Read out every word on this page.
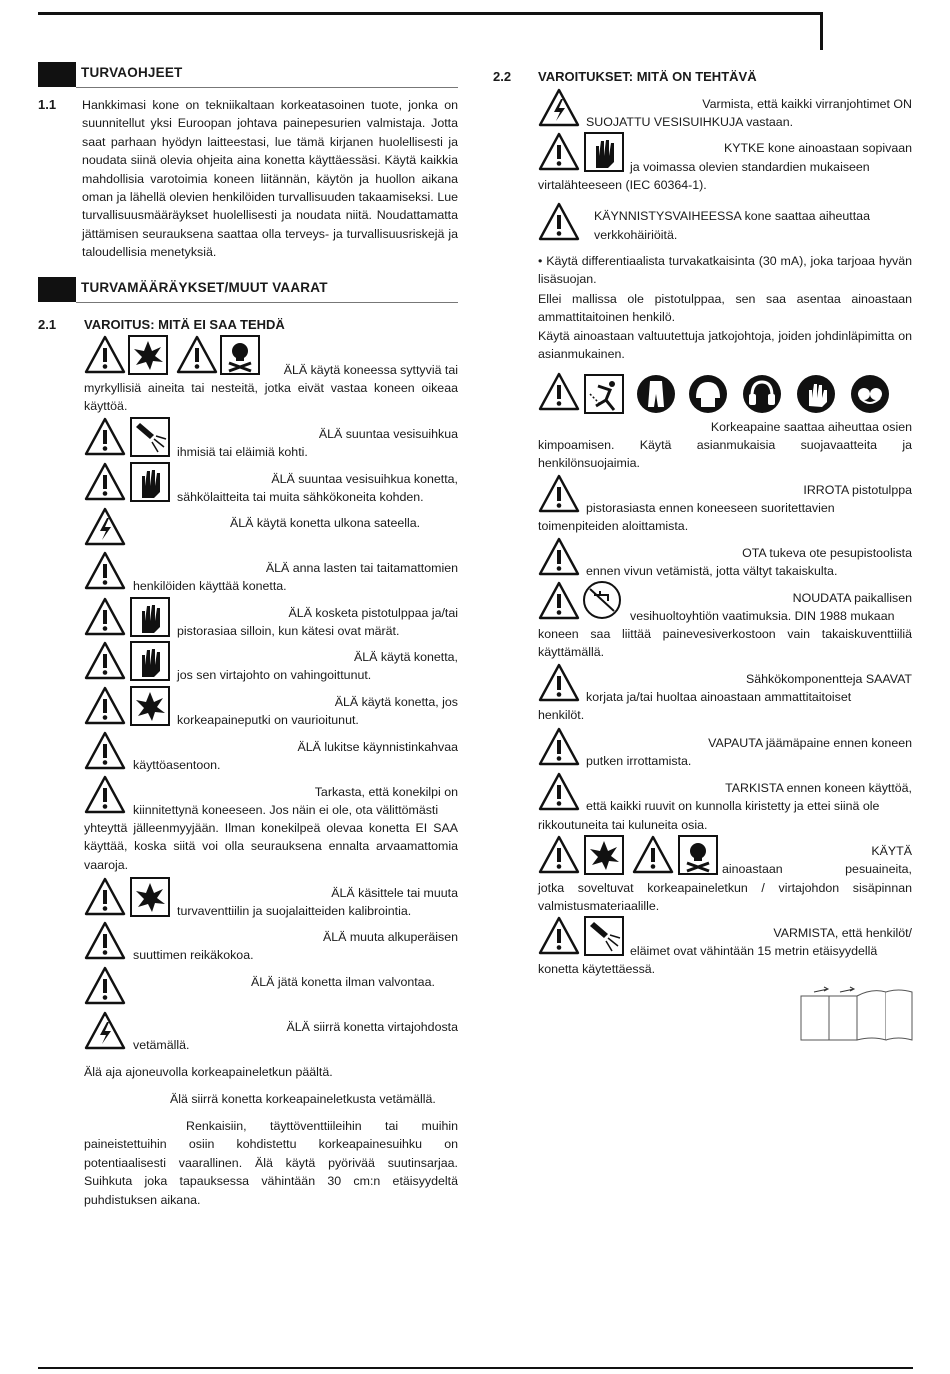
TURVAOHJEET
1.1 Hankkimasi kone on tekniikaltaan korkeatasoinen tuote, jonka on suunnitellut yksi Euroopan johtava painepesurien valmistaja. Jotta saat parhaan hyödyn laitteestasi, lue tämä kirjanen huolellisesti ja noudata siinä olevia ohjeita aina konetta käyttäessäsi. Käytä kaikkia mahdollisia varotoimia koneen liitännän, käytön ja huollon aikana oman ja lähellä olevien henkilöiden turvallisuuden takaamiseksi. Lue turvallisuusmääräykset huolellisesti ja noudata niitä. Noudattamatta jättämisen seurauksena saattaa olla terveys- ja turvallisuusriskejä ja taloudellisia menetyksiä.

TURVAMÄÄRÄYKSET/MUUT VAARAT
2.1 VAROITUS: MITÄ EI SAA TEHDÄ

ÄLÄ käytä koneessa syttyviä tai

myrkyllisiä aineita tai nesteitä, jotka eivät vastaa koneen oikeaa käyttöä.

ÄLÄ suuntaa vesisuihkua

ihmisiä tai eläimiä kohti.

ÄLÄ suuntaa vesisuihkua konetta,

sähkölaitteita tai muita sähkökoneita kohden.

ÄLÄ käytä konetta ulkona sateella.

ÄLÄ anna lasten tai taitamattomien

henkilöiden käyttää konetta.

ÄLÄ kosketa pistotulppaa ja/tai

pistorasiaa silloin, kun kätesi ovat märät.

ÄLÄ käytä konetta,

jos sen virtajohto on vahingoittunut.

ÄLÄ käytä konetta, jos

korkeapaineputki on vaurioitunut.

ÄLÄ lukitse käynnistinkahvaa

käyttöasentoon.

Tarkasta, että konekilpi on

kiinnitettynä koneeseen. Jos näin ei ole, ota välittömästi

yhteyttä jälleenmyyjään. Ilman konekilpeä olevaa konetta EI SAA käyttää, koska siitä voi olla seurauksena ennalta arvaamattomia vaaroja.

ÄLÄ käsittele tai muuta

turvaventtiilin ja suojalaitteiden kalibrointia.

ÄLÄ muuta alkuperäisen

suuttimen reikäkokoa.

ÄLÄ jätä konetta ilman valvontaa.

ÄLÄ siirrä konetta virtajohdosta

vetämällä.

Älä aja ajoneuvolla korkeapaineletkun päältä.

Älä siirrä konetta korkeapaineletkusta vetämällä.

Renkaisiin, täyttöventtiileihin tai muihin paineistettuihin osiin kohdistettu korkeapainesuihku on potentiaalisesti vaarallinen. Älä käytä pyörivää suutinsarjaa. Suihkuta joka tapauksessa vähintään 30 cm:n etäisyydeltä puhdistuksen aikana.

2.2 VAROITUKSET: MITÄ ON TEHTÄVÄ

Varmista, että kaikki virranjohtimet ON

SUOJATTU VESISUIHKUJA vastaan.

KYTKE kone ainoastaan sopivaan

ja voimassa olevien standardien mukaiseen

virtalähteeseen (IEC 60364-1).

KÄYNNISTYSVAIHEESSA kone saattaa aiheuttaa

verkkohäiriöitä.

• Käytä differentiaalista turvakatkaisinta (30 mA), joka tarjoaa hyvän lisäsuojan.

Ellei mallissa ole pistotulppaa, sen saa asentaa ainoastaan ammattitaitoinen henkilö.

Käytä ainoastaan valtuutettuja jatkojohtoja, joiden johdinläpimitta on asianmukainen.

Korkeapaine saattaa aiheuttaa osien

kimpoamisen. Käytä asianmukaisia suojavaatteita ja henkilönsuojaimia.

IRROTA pistotulppa

pistorasiasta ennen koneeseen suoritettavien

toimenpiteiden aloittamista.

OTA tukeva ote pesupistoolista

ennen vivun vetämistä, jotta vältyt takaiskulta.

NOUDATA paikallisen

vesihuoltoyhtiön vaatimuksia. DIN 1988 mukaan

koneen saa liittää painevesiverkostoon vain takaiskuventtiiliä käyttämällä.

Sähkökomponentteja SAAVAT

korjata ja/tai huoltaa ainoastaan ammattitaitoiset

henkilöt.

VAPAUTA jäämäpaine ennen koneen

putken irrottamista.

TARKISTA ennen koneen käyttöä,

että kaikki ruuvit on kunnolla kiristetty ja ettei siinä ole

rikkoutuneita tai kuluneita osia.

KÄYTÄ

ainoastaan pesuaineita,

jotka soveltuvat korkeapaineletkun / virtajohdon sisäpinnan valmistusmateriaalille.

VARMISTA, että henkilöt/

eläimet ovat vähintään 15 metrin etäisyydellä

konetta käytettäessä.
